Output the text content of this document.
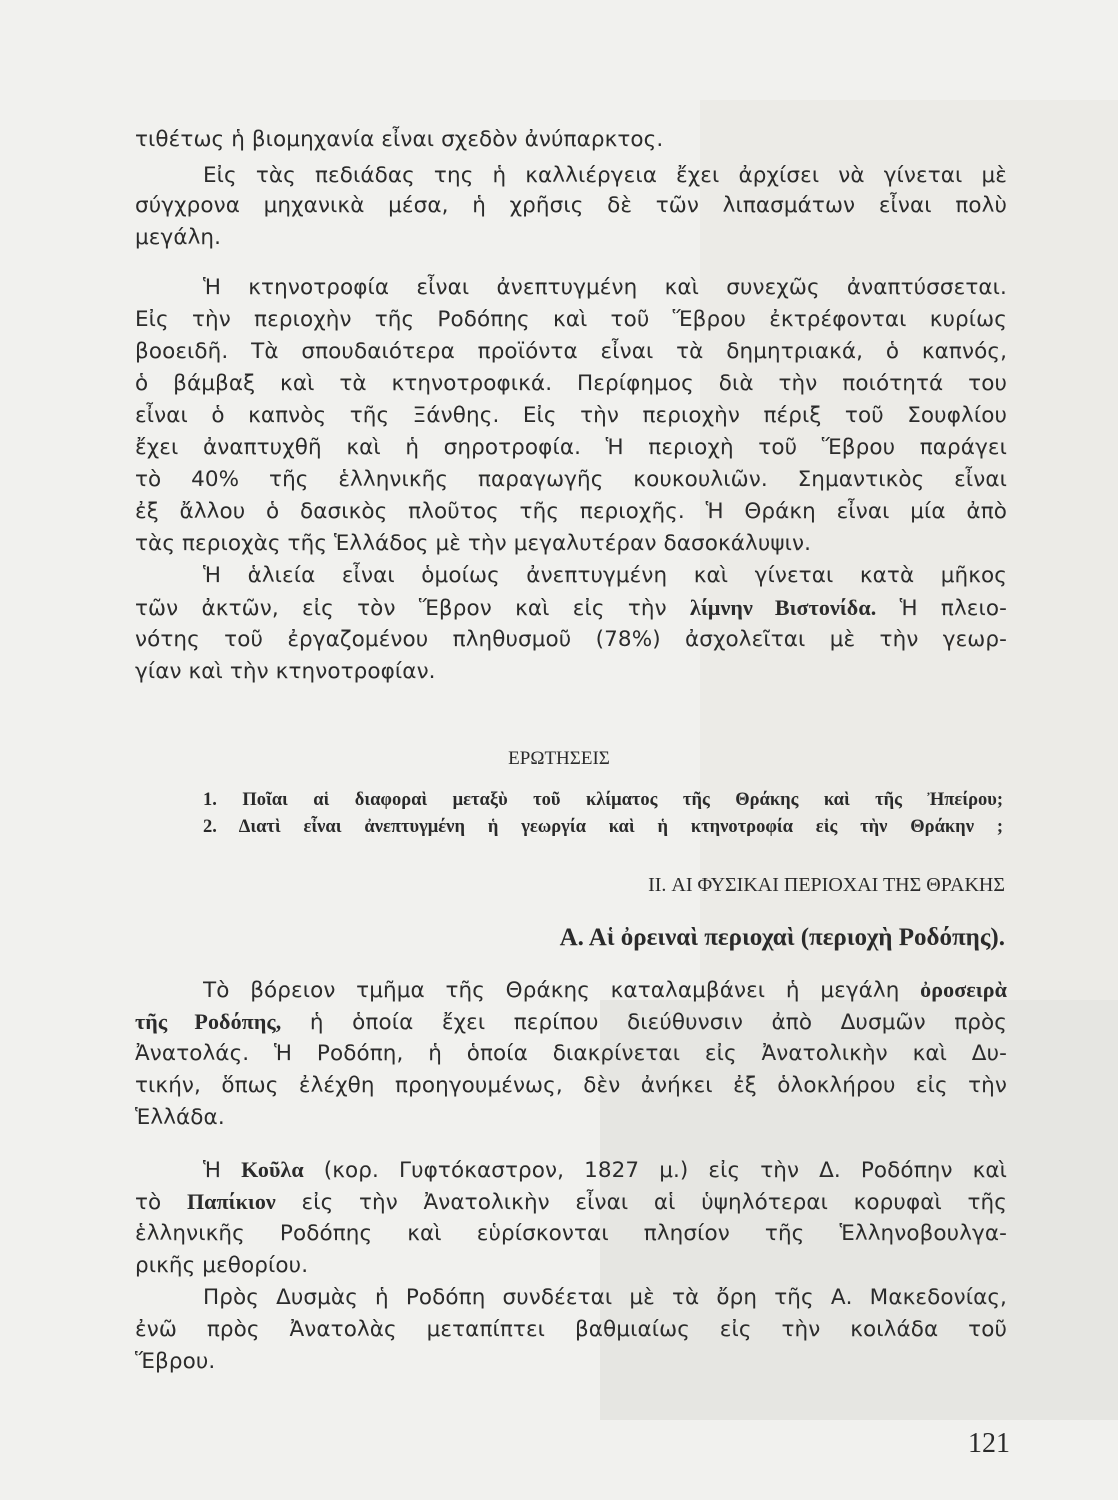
ΕΡΩΤΗΣΕΙΣ
1. Ποῖαι αἱ διαφοραὶ μεταξὺ τοῦ κλίματος τῆς Θράκης καὶ τῆς Ἠπείρου;
2. Διατὶ εἶναι ἀνεπτυγμένη ἡ γεωργία καὶ ἡ κτηνοτροφία εἰς τὴν Θράκην ;
II. ΑΙ ΦΥΣΙΚΑΙ ΠΕΡΙΟΧΑΙ ΤΗΣ ΘΡΑΚΗΣ
Α. Αἱ ὀρειναὶ περιοχαὶ (περιοχὴ Ροδόπης).
121
τιθέτως ἡ βιομηχανία εἶναι σχεδὸν ἀνύπαρκτος.
Εἰς τὰς πεδιάδας της ἡ καλλιέργεια ἔχει ἀρχίσει νὰ γίνεται μὲ
σύγχρονα μηχανικὰ μέσα, ἡ χρῆσις δὲ τῶν λιπασμάτων εἶναι πολὺ
μεγάλη.
Ἡ κτηνοτροφία εἶναι ἀνεπτυγμένη καὶ συνεχῶς ἀναπτύσσεται.
Εἰς τὴν περιοχὴν τῆς Ροδόπης καὶ τοῦ Ἕβρου ἐκτρέφονται κυρίως
βοοειδῆ. Τὰ σπουδαιότερα προϊόντα εἶναι τὰ δημητριακά, ὁ καπνός,
ὁ βάμβαξ καὶ τὰ κτηνοτροφικά. Περίφημος διὰ τὴν ποιότητά του
εἶναι ὁ καπνὸς τῆς Ξάνθης. Εἰς τὴν περιοχὴν πέριξ τοῦ Σουφλίου
ἔχει ἀναπτυχθῆ καὶ ἡ σηροτροφία. Ἡ περιοχὴ τοῦ Ἕβρου παράγει
τὸ 40% τῆς ἑλληνικῆς παραγωγῆς κουκουλιῶν. Σημαντικὸς εἶναι
ἐξ ἄλλου ὁ δασικὸς πλοῦτος τῆς περιοχῆς. Ἡ Θράκη εἶναι μία ἀπὸ
τὰς περιοχὰς τῆς Ἑλλάδος μὲ τὴν μεγαλυτέραν δασοκάλυψιν.
Ἡ ἁλιεία εἶναι ὁμοίως ἀνεπτυγμένη καὶ γίνεται κατὰ μῆκος
τῶν ἀκτῶν, εἰς τὸν Ἕβρον καὶ εἰς τὴν λίμνην Βιστονίδα. Ἡ πλειο-
νότης τοῦ ἐργαζομένου πληθυσμοῦ (78%) ἀσχολεῖται μὲ τὴν γεωρ-
γίαν καὶ τὴν κτηνοτροφίαν.
Τὸ βόρειον τμῆμα τῆς Θράκης καταλαμβάνει ἡ μεγάλη ὀροσειρὰ
τῆς Ροδόπης, ἡ ὁποία ἔχει περίπου διεύθυνσιν ἀπὸ Δυσμῶν πρὸς
Ἀνατολάς. Ἡ Ροδόπη, ἡ ὁποία διακρίνεται εἰς Ἀνατολικὴν καὶ Δυ-
τικήν, ὅπως ἐλέχθη προηγουμένως, δὲν ἀνήκει ἐξ ὁλοκλήρου εἰς τὴν
Ἑλλάδα.
Ἡ Κοῦλα (κορ. Γυφτόκαστρον, 1827 μ.) εἰς τὴν Δ. Ροδόπην καὶ
τὸ Παπίκιον εἰς τὴν Ἀνατολικὴν εἶναι αἱ ὑψηλότεραι κορυφαὶ τῆς
ἑλληνικῆς Ροδόπης καὶ εὑρίσκονται πλησίον τῆς Ἑλληνοβουλγα-
ρικῆς μεθορίου.
Πρὸς Δυσμὰς ἡ Ροδόπη συνδέεται μὲ τὰ ὄρη τῆς Α. Μακεδονίας,
ἐνῶ πρὸς Ἀνατολὰς μεταπίπτει βαθμιαίως εἰς τὴν κοιλάδα τοῦ
Ἕβρου.
